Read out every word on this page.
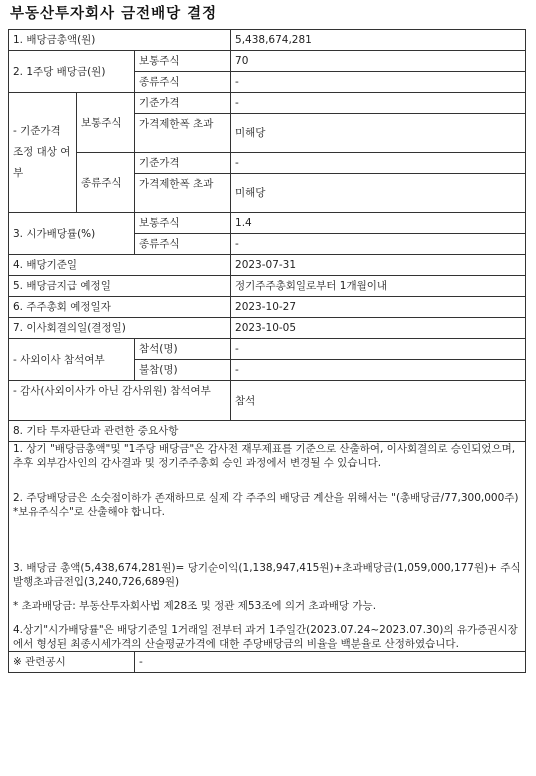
부동산투자회사 금전배당 결정
1. 배당금총액(원)			5,438,674,281
2. 1주당 배당금(원)		보통주식	70
		종류주식	-
- 기준가격 조정 대상 여부	보통주식	기준가격	-
		가격제한폭 초과	미해당
	종류주식	기준가격	-
		가격제한폭 초과	미해당
3. 시가배당률(%)		보통주식	1.4
		종류주식	-
4. 배당기준일			2023-07-31
5. 배당금지급 예정일			정기주주총회일로부터 1개월이내
6. 주주총회 예정일자			2023-10-27
7. 이사회결의일(결정일)			2023-10-05
- 사외이사 참석여부		참석(명)	-
		불참(명)	-
- 감사(사외이사가 아닌 감사위원) 참석여부			참석
8. 기타 투자판단과 관련한 중요사항			

1. 상기 "배당금총액"및 "1주당 배당금"은 감사전 재무제표를 기준으로 산출하여, 이사회결의로 승인되었으며, 추후 외부감사인의 감사결과 및 정기주주총회 승인 과정에서 변경될 수 있습니다.
2. 주당배당금은 소숫점이하가 존재하므로 실제 각 주주의 배당금 계산을 위해서는 "(총배당금/77,300,000주)*보유주식수"로 산출해야 합니다.
3. 배당금 총액(5,438,674,281원)= 당기순이익(1,138,947,415원)+초과배당금(1,059,000,177원)+ 주식발행초과금전입(3,240,726,689원)
* 초과배당금: 부동산투자회사법 제28조 및 정관 제53조에 의거 초과배당 가능.
4.상기"시가배당률"은 배당기준일 1거래일 전부터 과거 1주일간(2023.07.24~2023.07.30)의 유가증권시장에서 형성된 최종시세가격의 산술평균가격에 대한 주당배당금의 비율을 백분율로 산정하였습니다.			

※ 관련공시		-	
